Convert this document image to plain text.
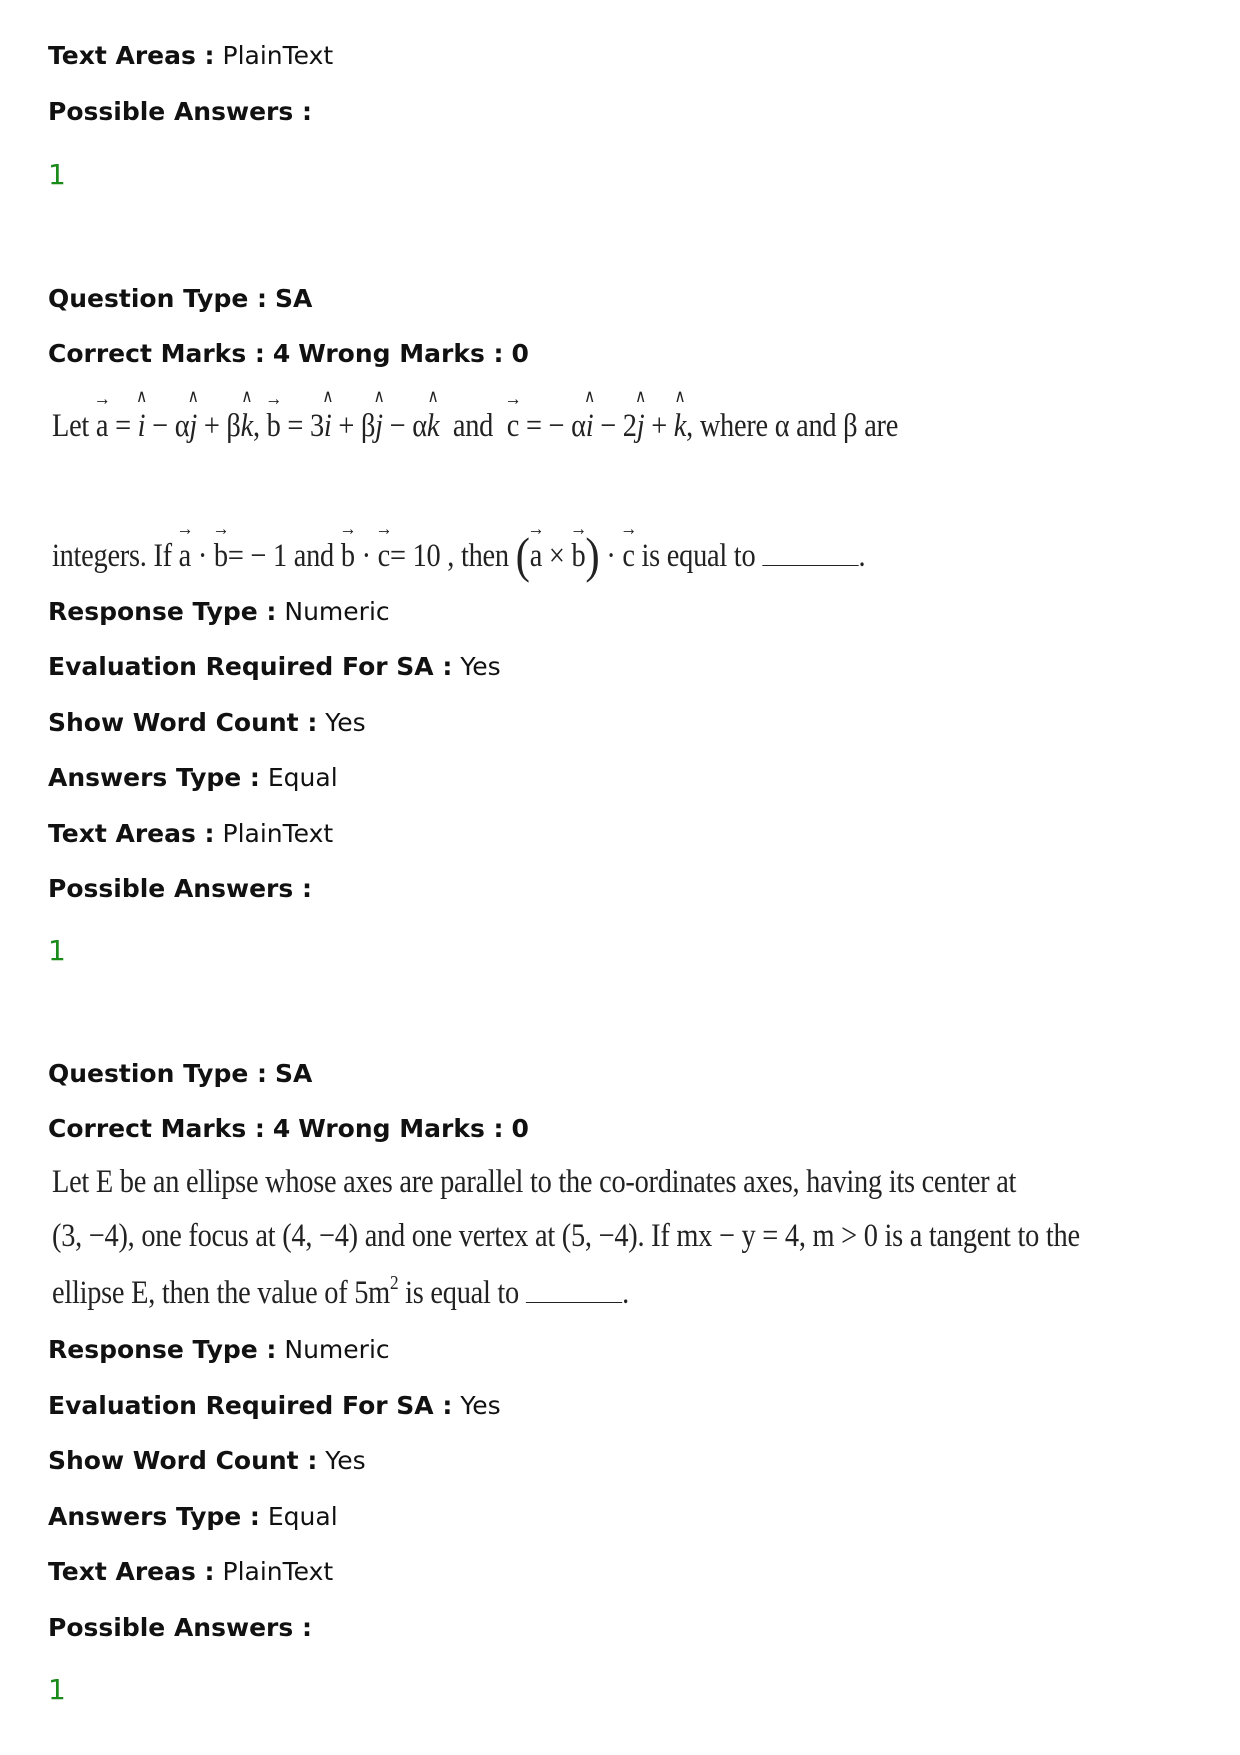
Text Areas : PlainText
Possible Answers :
1
Question Type : SA
Correct Marks : 4 Wrong Marks : 0
Let → a = ∧ i − α∧ j + β∧ k, → b = 3∧ i + β∧ j − α∧ k and → c = − α∧ i − 2∧ j + ∧ k, where α and β are
integers. If → a · → b= − 1 and → b · → c= 10 , then (→ a × → b) · → c is equal to	.
Response Type : Numeric
Evaluation Required For SA : Yes
Show Word Count : Yes
Answers Type : Equal
Text Areas : PlainText
Possible Answers :
1
Question Type : SA
Correct Marks : 4 Wrong Marks : 0
Let E be an ellipse whose axes are parallel to the co-ordinates axes, having its center at
(3, −4), one focus at (4, −4) and one vertex at (5, −4). If mx − y = 4, m > 0 is a tangent to the
ellipse E, then the value of $5m^2$ is equal to	.
Response Type : Numeric
Evaluation Required For SA : Yes
Show Word Count : Yes
Answers Type : Equal
Text Areas : PlainText
Possible Answers :
1
